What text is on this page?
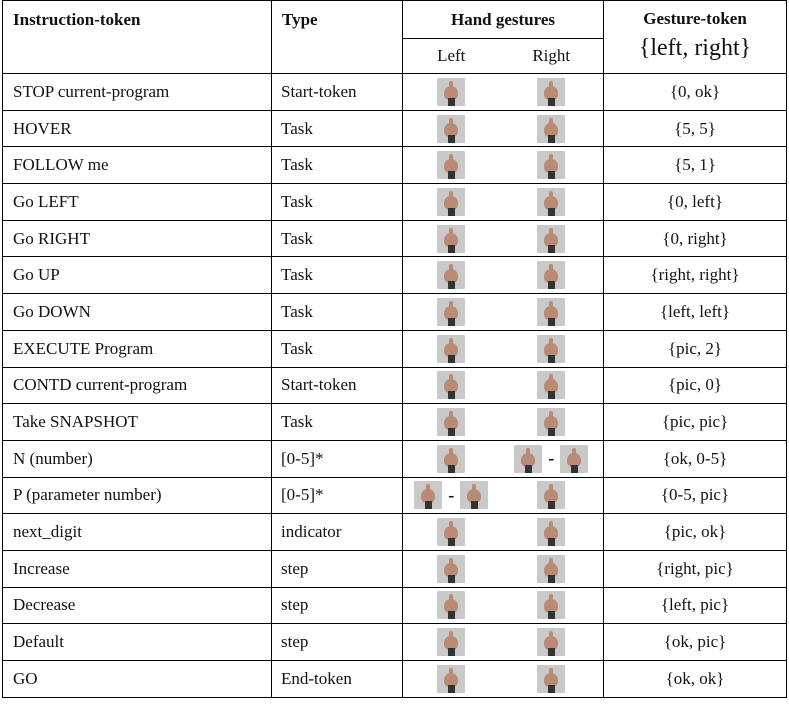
Instruction-token	Type	Hand gestures		Gesture-token
{left, right}

		Left	Right	
STOP current-program	Start-token			{0, ok}
HOVER	Task			{5, 5}
FOLLOW me	Task			{5, 1}
Go LEFT	Task			{0, left}
Go RIGHT	Task			{0, right}
Go UP	Task			{right, right}
Go DOWN	Task			{left, left}
EXECUTE Program	Task			{pic, 2}
CONTD current-program	Start-token			{pic, 0}
Take SNAPSHOT	Task			{pic, pic}
N (number)	[0-5]*		-	{ok, 0-5}
P (parameter number)	[0-5]*	-		{0-5, pic}
next_digit	indicator			{pic, ok}
Increase	step			{right, pic}
Decrease	step			{left, pic}
Default	step			{ok, pic}
GO	End-token			{ok, ok}
